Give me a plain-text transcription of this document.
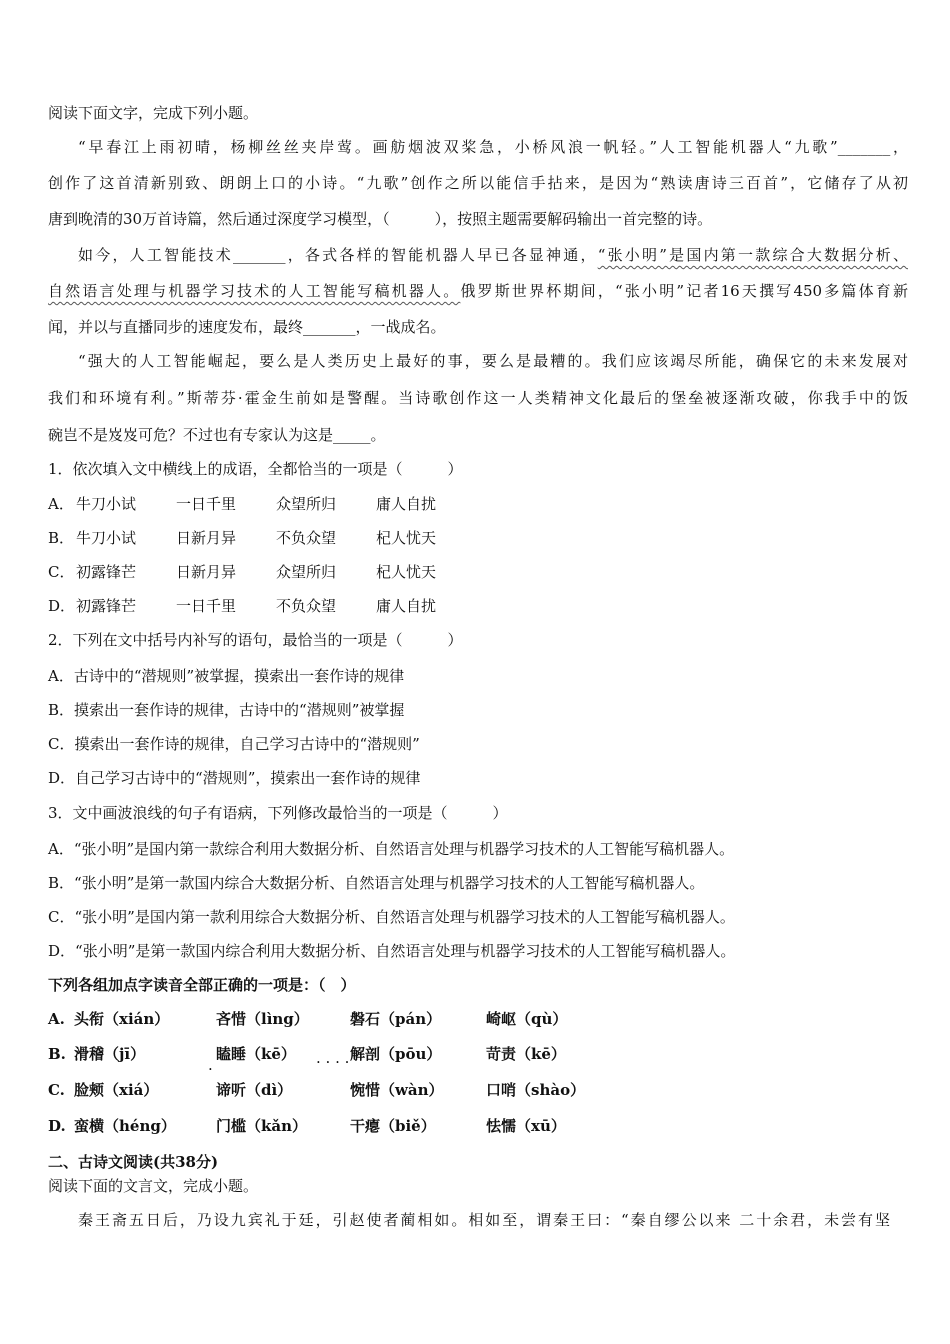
阅读下面文字，完成下列小题。
“早春江上雨初晴，杨柳丝丝夹岸莺。画舫烟波双桨急，小桥风浪一帆轻。”人工智能机器人“九歌”_______，
创作了这首清新别致、朗朗上口的小诗。“九歌”创作之所以能信手拈来，是因为“熟读唐诗三百首”，它储存了从初
唐到晚清的30万首诗篇，然后通过深度学习模型，（　　　），按照主题需要解码输出一首完整的诗。
如今，人工智能技术_______，各式各样的智能机器人早已各显神通，“张小明”是国内第一款综合大数据分析、
自然语言处理与机器学习技术的人工智能写稿机器人。俄罗斯世界杯期间，“张小明”记者16天撰写450多篇体育新
闻，并以与直播同步的速度发布，最终_______，一战成名。
“强大的人工智能崛起，要么是人类历史上最好的事，要么是最糟的。我们应该竭尽所能，确保它的未来发展对
我们和环境有利。”斯蒂芬·霍金生前如是警醒。当诗歌创作这一人类精神文化最后的堡垒被逐渐攻破，你我手中的饭
碗岂不是岌岌可危？不过也有专家认为这是_____。
1．依次填入文中横线上的成语，全都恰当的一项是（　　　）
A． 牛刀小试	一日千里	众望所归	庸人自扰
B． 牛刀小试	日新月异	不负众望	杞人忧天
C． 初露锋芒	日新月异	众望所归	杞人忧天
D． 初露锋芒	一日千里	不负众望	庸人自扰
2．下列在文中括号内补写的语句，最恰当的一项是（　　　）
A．古诗中的“潜规则”被掌握，摸索出一套作诗的规律
B．摸索出一套作诗的规律，古诗中的“潜规则”被掌握
C．摸索出一套作诗的规律，自己学习古诗中的“潜规则”
D．自己学习古诗中的“潜规则”，摸索出一套作诗的规律
3．文中画波浪线的句子有语病，下列修改最恰当的一项是（　　　）
A．“张小明”是国内第一款综合利用大数据分析、自然语言处理与机器学习技术的人工智能写稿机器人。
B．“张小明”是第一款国内综合大数据分析、自然语言处理与机器学习技术的人工智能写稿机器人。
C．“张小明”是国内第一款利用综合大数据分析、自然语言处理与机器学习技术的人工智能写稿机器人。
D．“张小明”是第一款国内综合利用大数据分析、自然语言处理与机器学习技术的人工智能写稿机器人。
下列各组加点字读音全部正确的一项是：（　）
A. 头衔（xián）	吝惜（lìng）	磐石（pán）	崎岖（qù）
B. 滑稽（jī）	瞌睡（kē）	解剖（pōu）	苛责（kē）
.	. . . .
C. 脸颊（xiá）	谛听（dì）	惋惜（wàn）	口哨（shào）
D. 蛮横（héng）	门槛（kǎn）	干瘪（biě）	怯懦（xū）
二、古诗文阅读(共38分)
阅读下面的文言文，完成小题。
秦王斋五日后，乃设九宾礼于廷，引赵使者蔺相如。相如至，谓秦王曰：“秦自缪公以来 二十余君，未尝有坚
